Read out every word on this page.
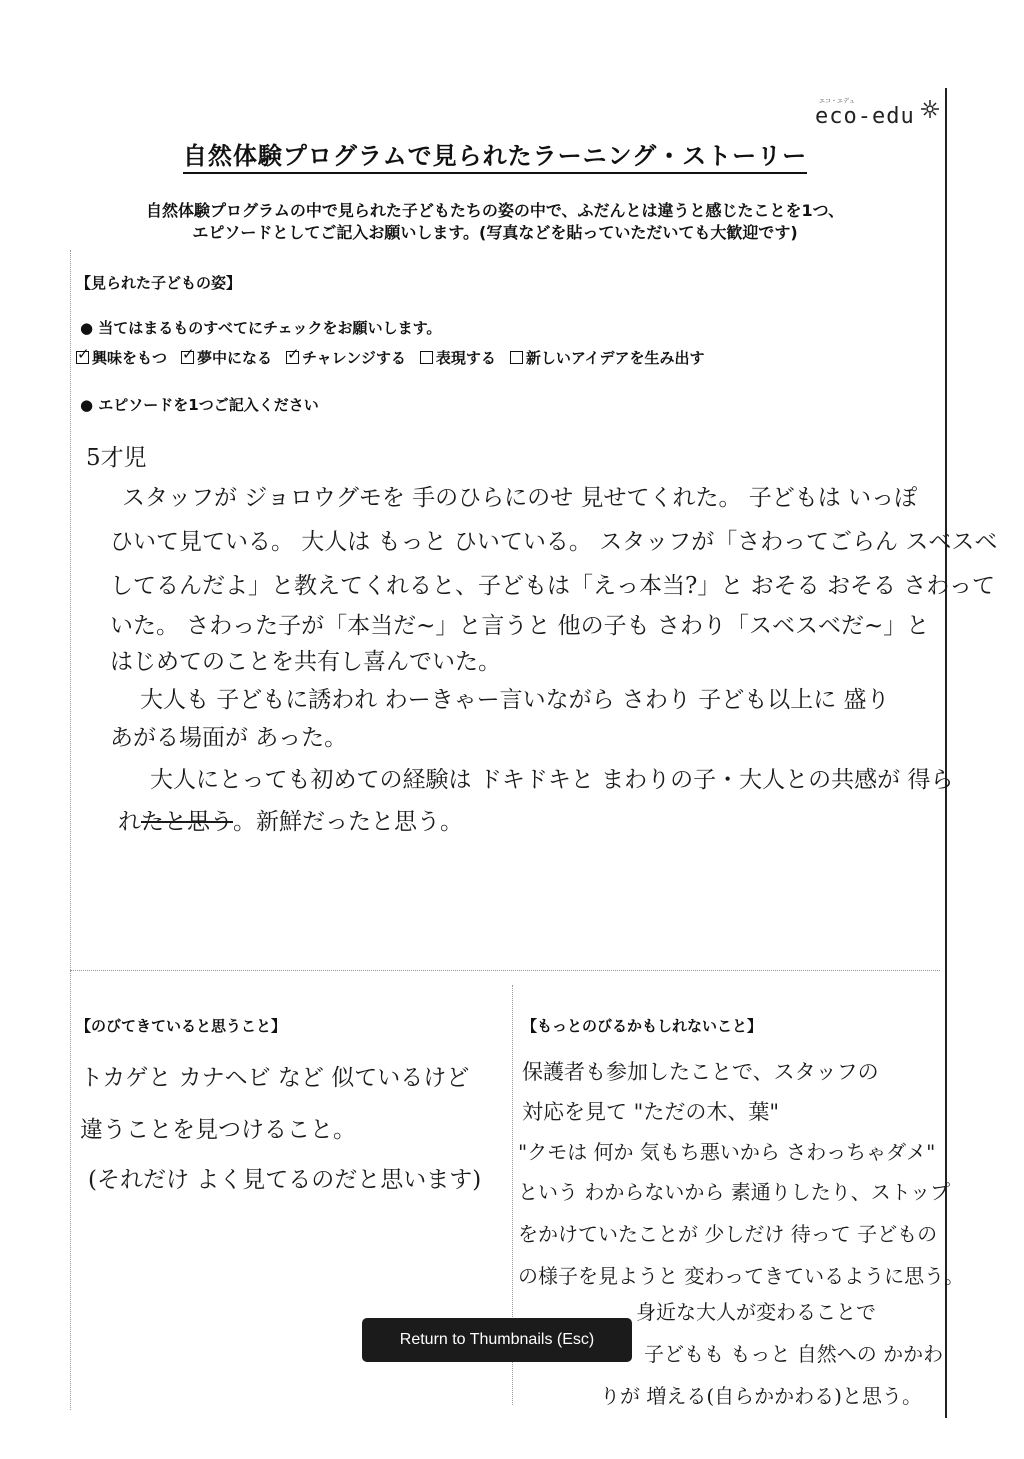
エコ・エデュ
eco-edu
自然体験プログラムで見られたラーニング・ストーリー
自然体験プログラムの中で見られた子どもたちの姿の中で、ふだんとは違うと感じたことを1つ、
エピソードとしてご記入お願いします。(写真などを貼っていただいても大歓迎です)
【見られた子どもの姿】
● 当てはまるものすべてにチェックをお願いします。
✓
興味をもつ ✓ 夢中になる ✓ チャレンジする 表現する 新しいアイデアを生み出す
● エピソードを1つご記入ください
5才児
スタッフが ジョロウグモを 手のひらにのせ 見せてくれた。 子どもは いっぽ
ひいて見ている。 大人は もっと ひいている。 スタッフが「さわってごらん スベスベ
してるんだよ」と教えてくれると、子どもは「えっ本当?」と おそる おそる さわって
いた。 さわった子が「本当だ~」と言うと 他の子も さわり「スベスベだ~」と
はじめてのことを共有し喜んでいた。
大人も 子どもに誘われ わーきゃー言いながら さわり 子ども以上に 盛り
あがる場面が あった。
大人にとっても初めての経験は ドキドキと まわりの子・大人との共感が 得ら
れたと思う。新鮮だったと思う。
【のびてきていると思うこと】
トカゲと カナヘビ など 似ているけど
違うことを見つけること。
(それだけ よく見てるのだと思います)
【もっとのびるかもしれないこと】
保護者も参加したことで、スタッフの
対応を見て "ただの木、葉"
"クモは 何か 気もち悪いから さわっちゃダメ"
という わからないから 素通りしたり、ストップ
をかけていたことが 少しだけ 待って 子どもの
の様子を見ようと 変わってきているように思う。
身近な大人が変わることで
子どもも もっと 自然への かかわ
りが 増える(自らかかわる)と思う。
Return to Thumbnails (Esc)
